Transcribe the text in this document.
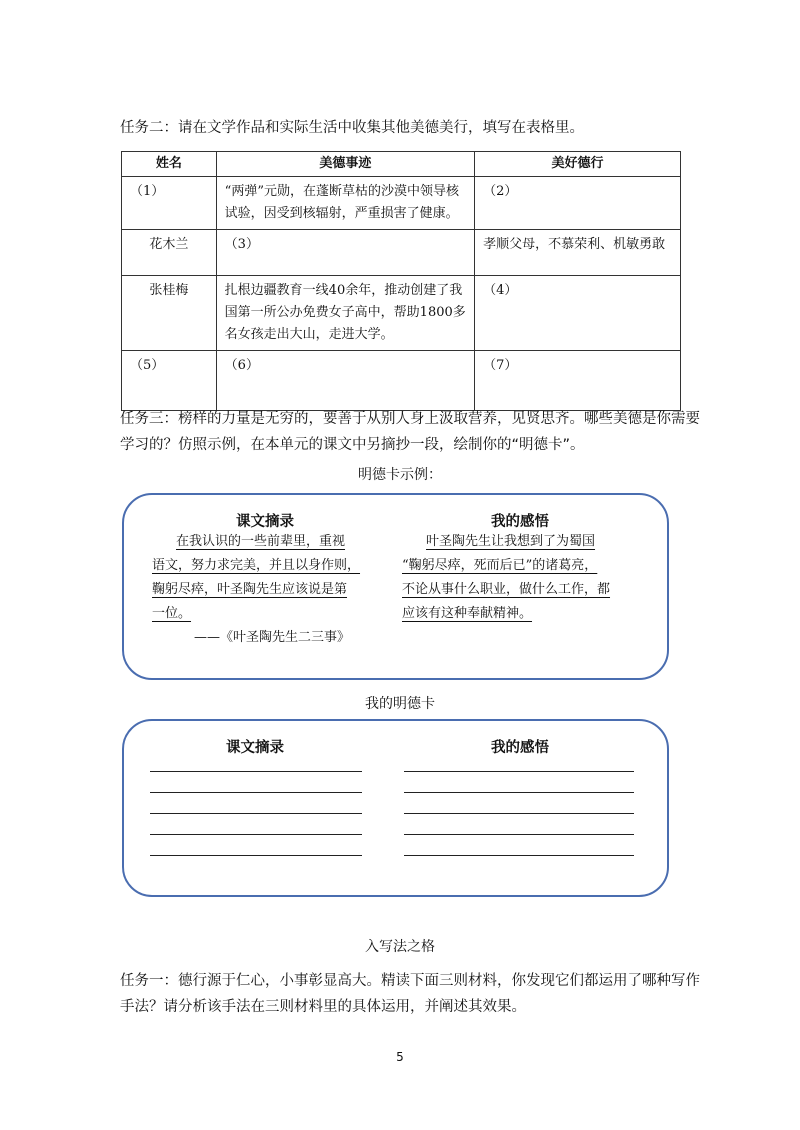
任务二：请在文学作品和实际生活中收集其他美德美行，填写在表格里。
姓名	美德事迹	美好德行
（1）	“两弹”元勋，在蓬断草枯的沙漠中领导核试验，因受到核辐射，严重损害了健康。	（2）
花木兰	（3）	孝顺父母，不慕荣利、机敏勇敢
张桂梅	扎根边疆教育一线40余年，推动创建了我国第一所公办免费女子高中，帮助1800多名女孩走出大山，走进大学。	（4）
（5）	（6）	（7）
任务三：榜样的力量是无穷的，要善于从别人身上汲取营养，见贤思齐。哪些美德是你需要学习的？仿照示例，在本单元的课文中另摘抄一段，绘制你的“明德卡”。
明德卡示例：
课文摘录	我的感悟
在我认识的一些前辈里，重视
语文，努力求完美，并且以身作则，
鞠躬尽瘁，叶圣陶先生应该说是第
一位。
——《叶圣陶先生二三事》
叶圣陶先生让我想到了为蜀国
“鞠躬尽瘁，死而后已”的诸葛亮，
不论从事什么职业，做什么工作，都
应该有这种奉献精神。
我的明德卡
课文摘录	我的感悟
入写法之格
任务一：德行源于仁心，小事彰显高大。精读下面三则材料，你发现它们都运用了哪种写作手法？请分析该手法在三则材料里的具体运用，并阐述其效果。
5
